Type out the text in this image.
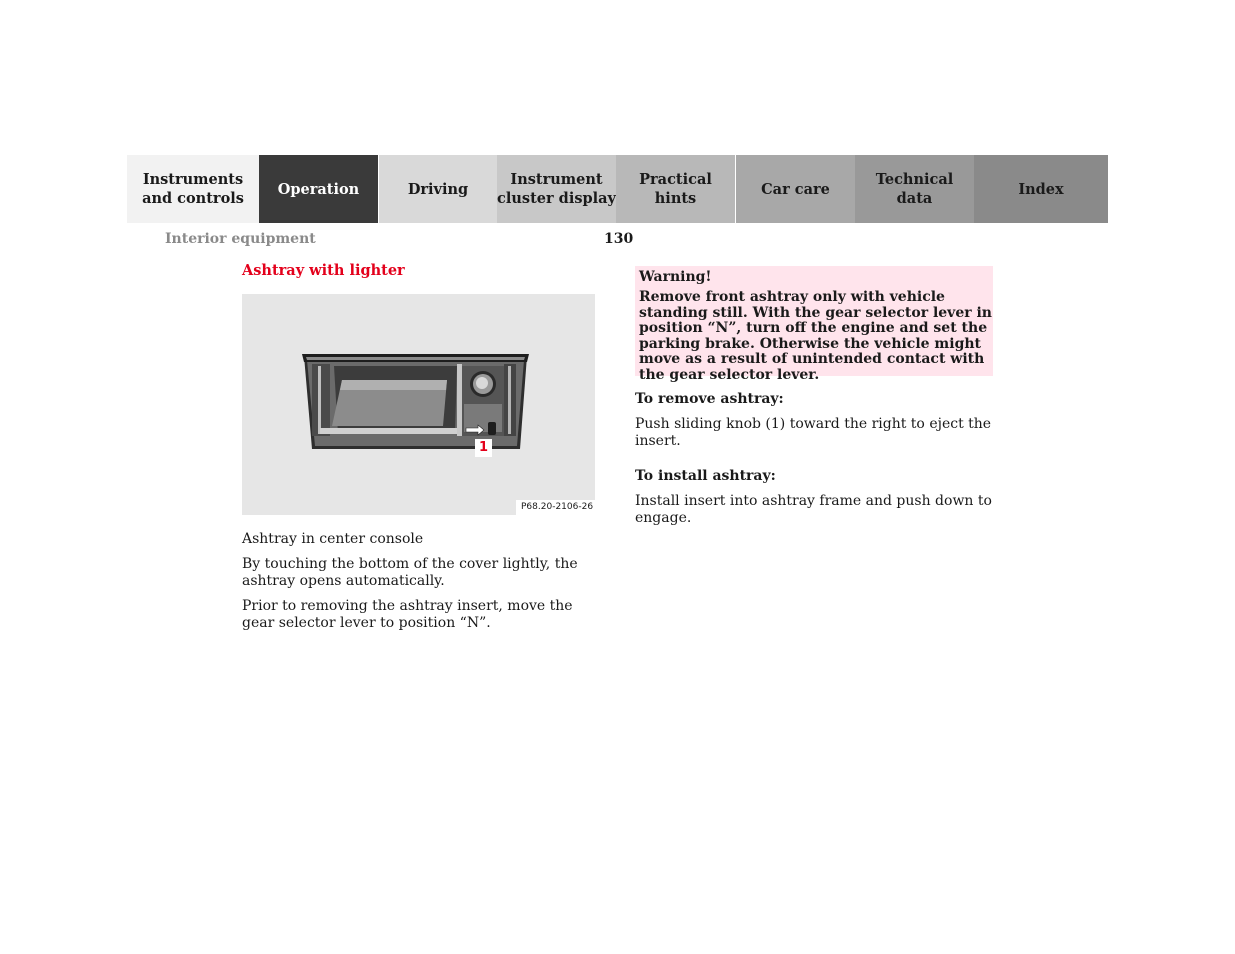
Instruments
and controls
Operation	Driving
Instrument
cluster display
Practical hints
Car care
Technical
data
Index
Interior equipment	130
Ashtray with lighter
1
P68.20-2106-26

Ashtray in center console

By touching the bottom of the cover lightly, the ashtray opens automatically.

Prior to removing the ashtray insert, move the gear selector lever to position “N”.

Warning!

Remove front ashtray only with vehicle standing still. With the gear selector lever in position “N”, turn off the engine and set the parking brake. Otherwise the vehicle might move as a result of unintended contact with the gear selector lever.

To remove ashtray:

Push sliding knob (1) toward the right to eject the insert.

To install ashtray:

Install insert into ashtray frame and push down to engage.
